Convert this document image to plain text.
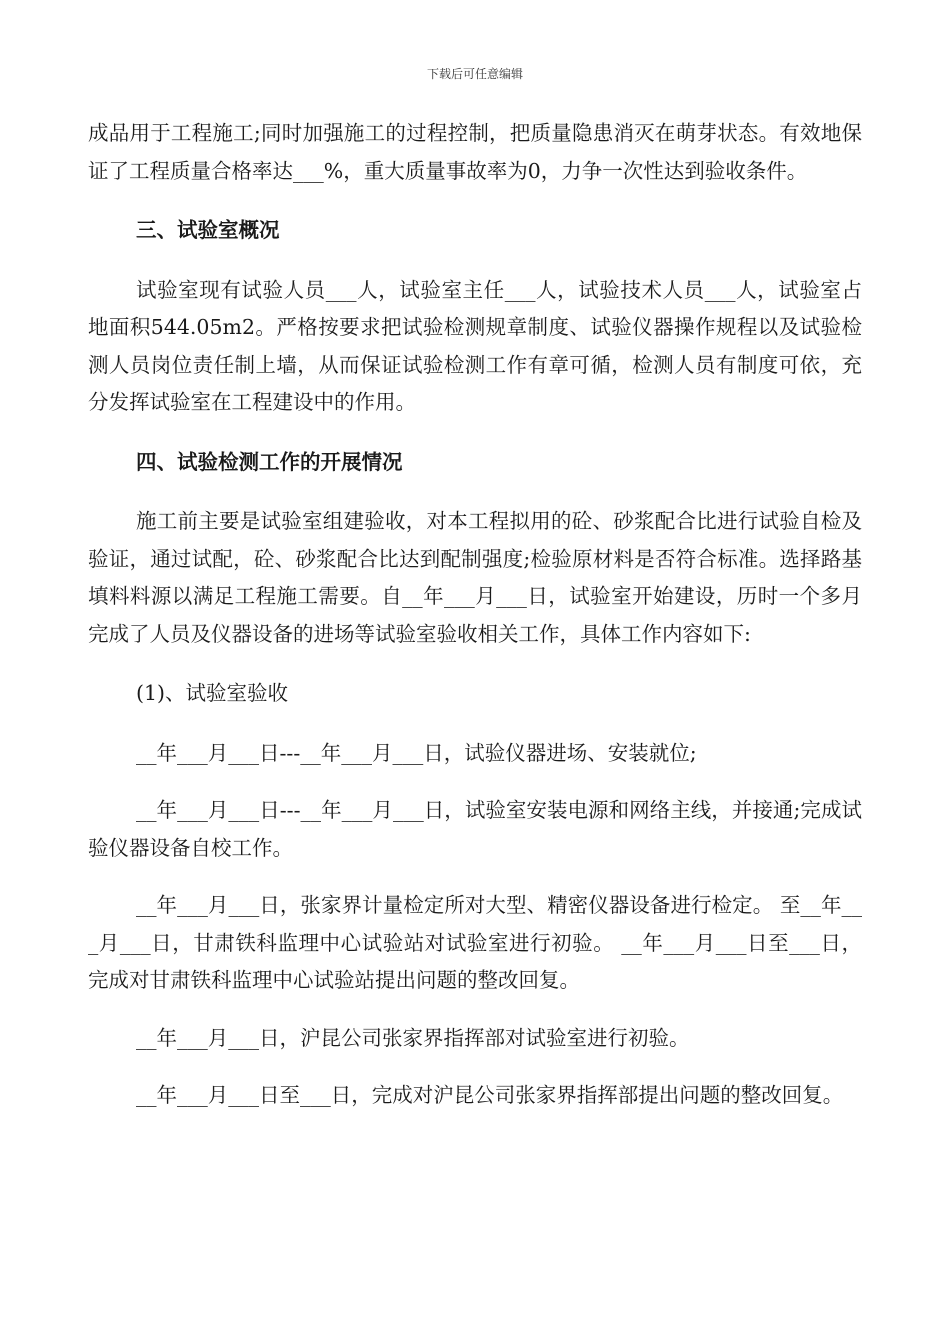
下载后可任意编辑

成品用于工程施工;同时加强施工的过程控制，把质量隐患消灭在萌芽状态。有效地保证了工程质量合格率达___%，重大质量事故率为0，力争一次性达到验收条件。

三、试验室概况

试验室现有试验人员___人，试验室主任___人，试验技术人员___人，试验室占地面积544.05m2。严格按要求把试验检测规章制度、试验仪器操作规程以及试验检测人员岗位责任制上墙，从而保证试验检测工作有章可循，检测人员有制度可依，充分发挥试验室在工程建设中的作用。

四、试验检测工作的开展情况

施工前主要是试验室组建验收，对本工程拟用的砼、砂浆配合比进行试验自检及验证，通过试配，砼、砂浆配合比达到配制强度;检验原材料是否符合标准。选择路基填料料源以满足工程施工需要。自__年___月___日，试验室开始建设，历时一个多月完成了人员及仪器设备的进场等试验室验收相关工作，具体工作内容如下:

(1)、试验室验收

__年___月___日---__年___月___日，试验仪器进场、安装就位;

__年___月___日---__年___月___日，试验室安装电源和网络主线，并接通;完成试验仪器设备自校工作。

__年___月___日，张家界计量检定所对大型、精密仪器设备进行检定。 至__年___月___日，甘肃铁科监理中心试验站对试验室进行初验。 __年___月___日至___日，完成对甘肃铁科监理中心试验站提出问题的整改回复。

__年___月___日，沪昆公司张家界指挥部对试验室进行初验。

__年___月___日至___日，完成对沪昆公司张家界指挥部提出问题的整改回复。
